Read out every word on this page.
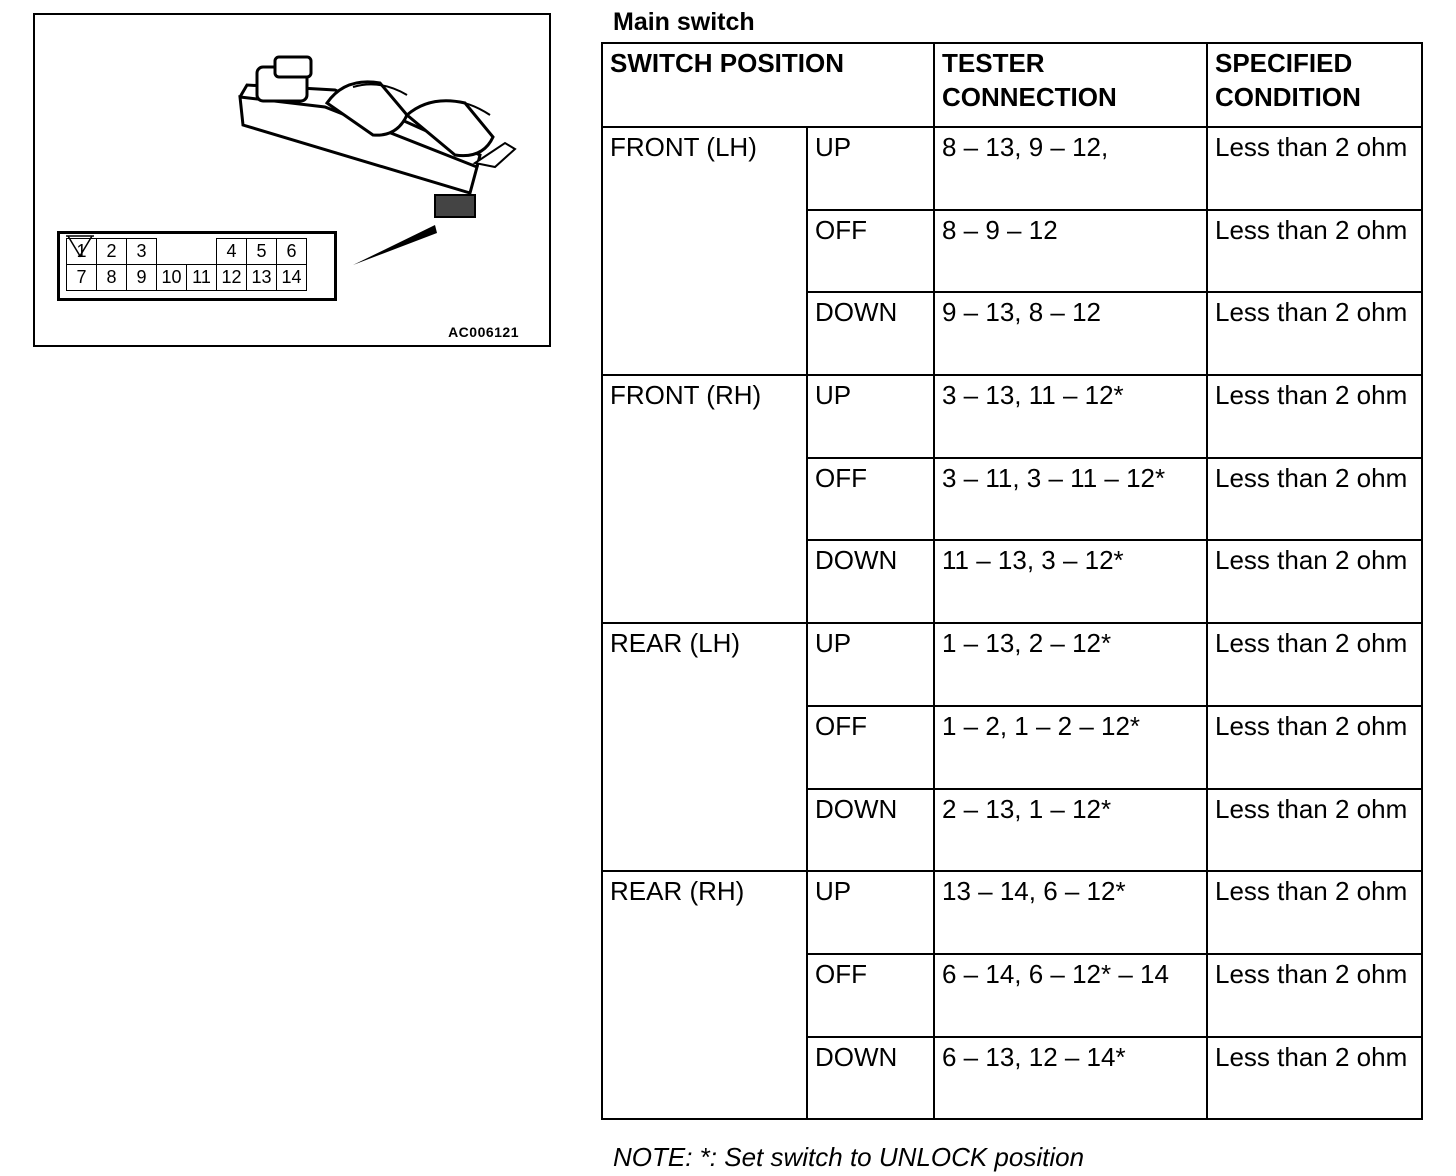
1	2	3			4	5	6
7	8	9	10	11	12	13	14
AC006121
Main switch
SWITCH POSITION		TESTER CONNECTION	SPECIFIED CONDITION
FRONT (LH)	UP	8 – 13, 9 – 12,	Less than 2 ohm
	OFF	8 – 9 – 12	Less than 2 ohm
	DOWN	9 – 13, 8 – 12	Less than 2 ohm
FRONT (RH)	UP	3 – 13, 11 – 12*	Less than 2 ohm
	OFF	3 – 11, 3 – 11 – 12*	Less than 2 ohm
	DOWN	11 – 13, 3 – 12*	Less than 2 ohm
REAR (LH)	UP	1 – 13, 2 – 12*	Less than 2 ohm
	OFF	1 – 2, 1 – 2 – 12*	Less than 2 ohm
	DOWN	2 – 13, 1 – 12*	Less than 2 ohm
REAR (RH)	UP	13 – 14, 6 – 12*	Less than 2 ohm
	OFF	6 – 14, 6 – 12* – 14	Less than 2 ohm
	DOWN	6 – 13, 12 – 14*	Less than 2 ohm
NOTE: *: Set switch to UNLOCK position
